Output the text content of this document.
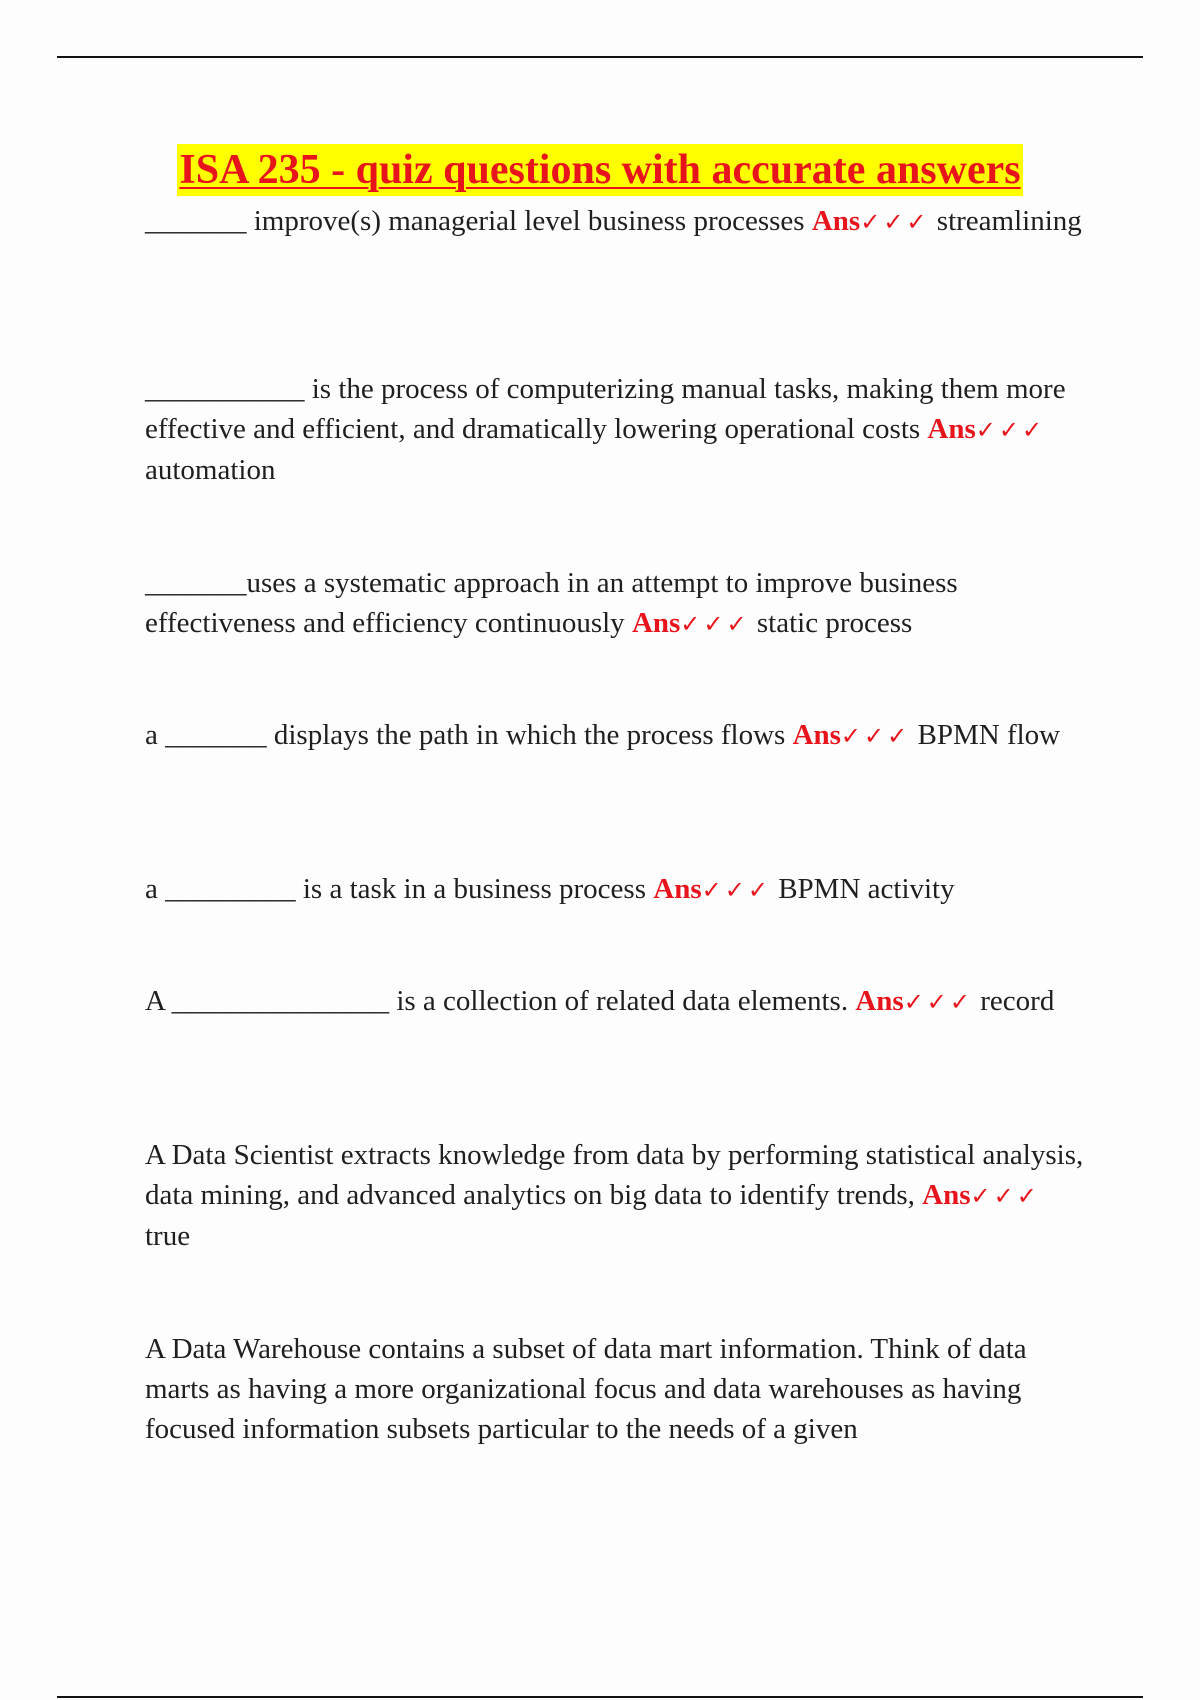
ISA 235 - quiz questions with accurate answers

_______ improve(s) managerial level business processes Ans✓✓✓ streamlining

___________ is the process of computerizing manual tasks, making them more effective and efficient, and dramatically lowering operational costs Ans✓✓✓ automation

_______uses a systematic approach in an attempt to improve business effectiveness and efficiency continuously Ans✓✓✓ static process

a _______ displays the path in which the process flows Ans✓✓✓ BPMN flow

a _________ is a task in a business process Ans✓✓✓ BPMN activity

A _______________ is a collection of related data elements. Ans✓✓✓ record

A Data Scientist extracts knowledge from data by performing statistical analysis, data mining, and advanced analytics on big data to identify trends, Ans✓✓✓ true

A Data Warehouse contains a subset of data mart information. Think of data marts as having a more organizational focus and data warehouses as having focused information subsets particular to the needs of a given
